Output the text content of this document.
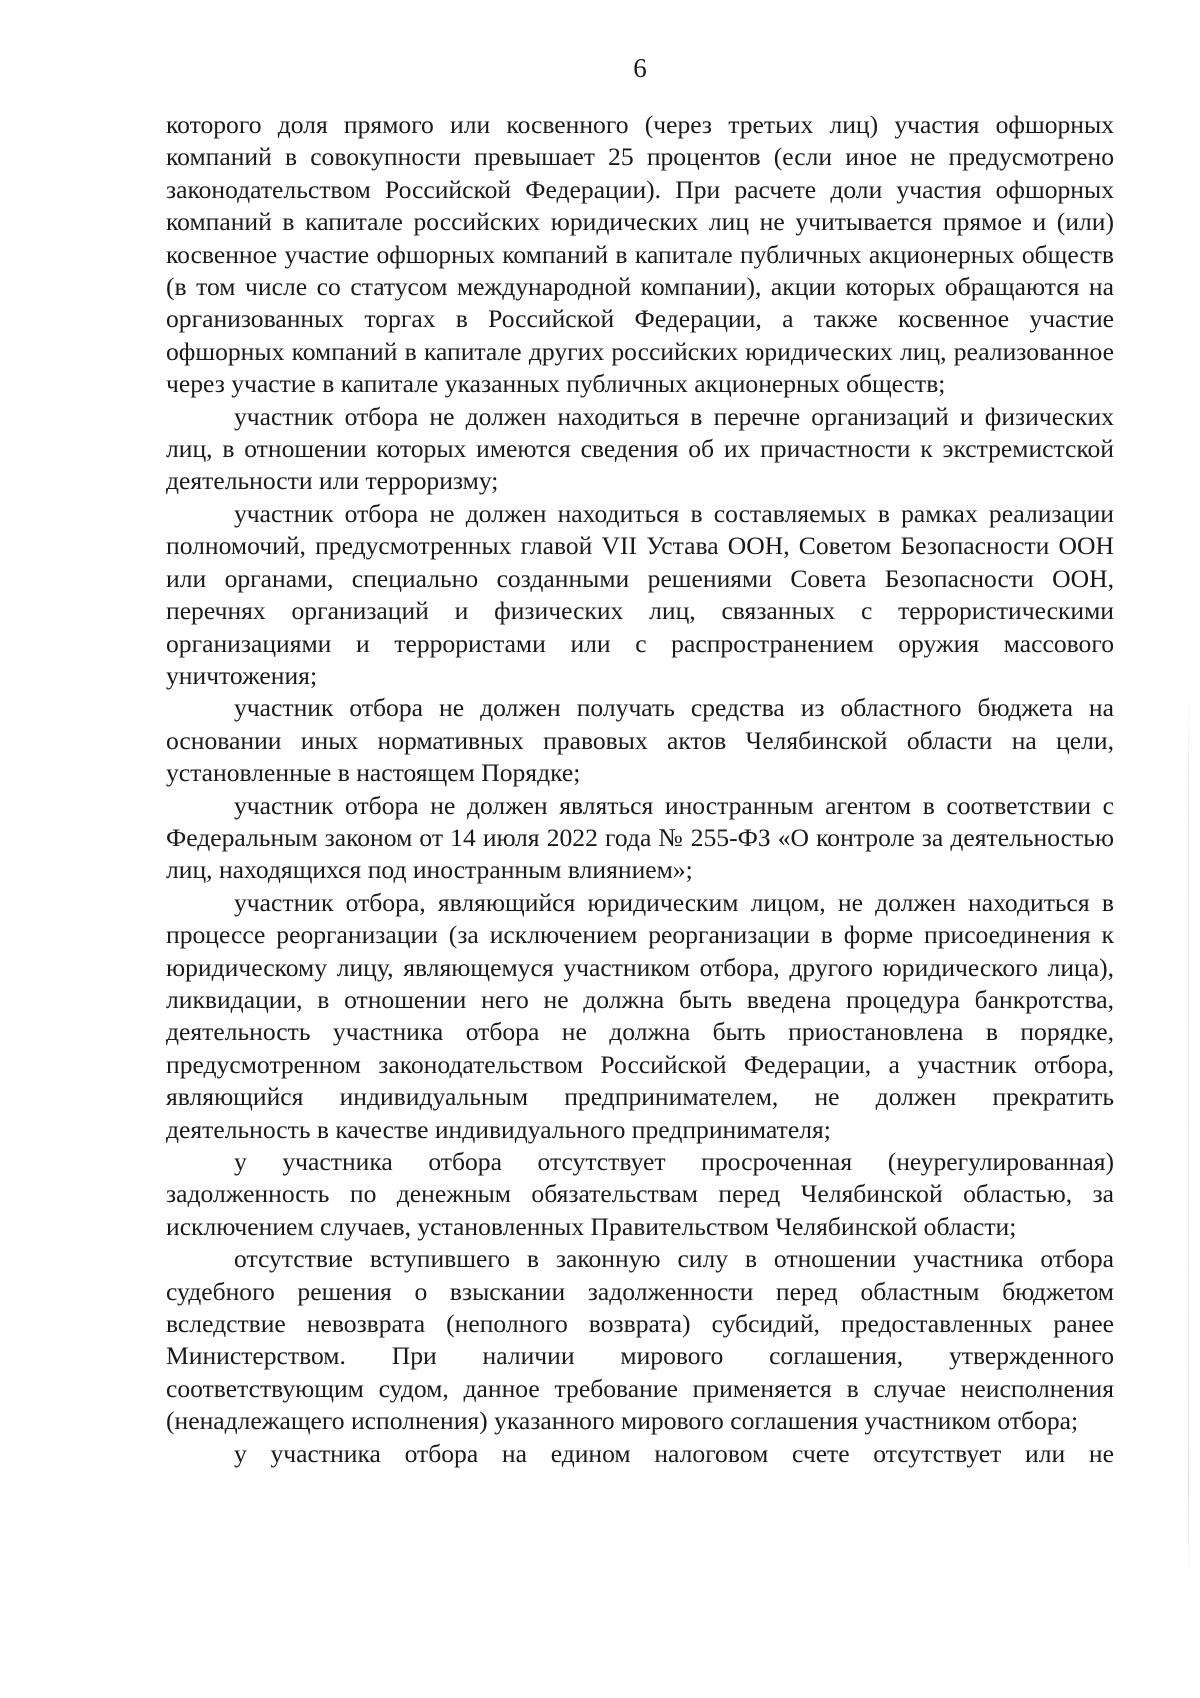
6

которого доля прямого или косвенного (через третьих лиц) участия офшорных компаний в совокупности превышает 25 процентов (если иное не предусмотрено законодательством Российской Федерации). При расчете доли участия офшорных компаний в капитале российских юридических лиц не учитывается прямое и (или) косвенное участие офшорных компаний в капитале публичных акционерных обществ (в том числе со статусом международной компании), акции которых обращаются на организованных торгах в Российской Федерации, а также косвенное участие офшорных компаний в капитале других российских юридических лиц, реализованное через участие в капитале указанных публичных акционерных обществ;

участник отбора не должен находиться в перечне организаций и физических лиц, в отношении которых имеются сведения об их причастности к экстремистской деятельности или терроризму;

участник отбора не должен находиться в составляемых в рамках реализации полномочий, предусмотренных главой VII Устава ООН, Советом Безопасности ООН или органами, специально созданными решениями Совета Безопасности ООН, перечнях организаций и физических лиц, связанных с террористическими организациями и террористами или с распространением оружия массового уничтожения;

участник отбора не должен получать средства из областного бюджета на основании иных нормативных правовых актов Челябинской области на цели, установленные в настоящем Порядке;

участник отбора не должен являться иностранным агентом в соответствии с Федеральным законом от 14 июля 2022 года № 255-ФЗ «О контроле за деятельностью лиц, находящихся под иностранным влиянием»;

участник отбора, являющийся юридическим лицом, не должен находиться в процессе реорганизации (за исключением реорганизации в форме присоединения к юридическому лицу, являющемуся участником отбора, другого юридического лица), ликвидации, в отношении него не должна быть введена процедура банкротства, деятельность участника отбора не должна быть приостановлена в порядке, предусмотренном законодательством Российской Федерации, а участник отбора, являющийся индивидуальным предпринимателем, не должен прекратить деятельность в качестве индивидуального предпринимателя;

у участника отбора отсутствует просроченная (неурегулированная) задолженность по денежным обязательствам перед Челябинской областью, за исключением случаев, установленных Правительством Челябинской области;

отсутствие вступившего в законную силу в отношении участника отбора судебного решения о взыскании задолженности перед областным бюджетом вследствие невозврата (неполного возврата) субсидий, предоставленных ранее Министерством. При наличии мирового соглашения, утвержденного соответствующим судом, данное требование применяется в случае неисполнения (ненадлежащего исполнения) указанного мирового соглашения участником отбора;

у участника отбора на едином налоговом счете отсутствует или не
